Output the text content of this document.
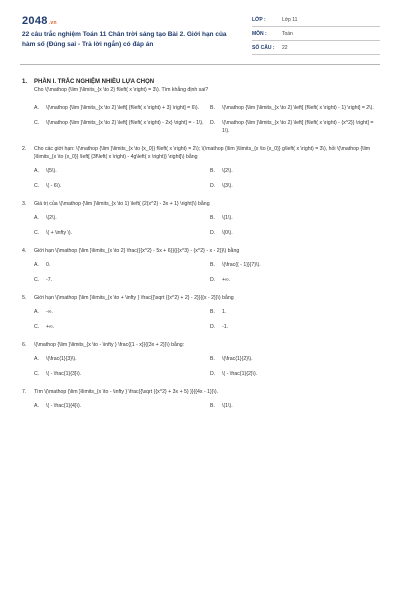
2048.vn
22 câu trắc nghiệm Toán 11 Chân trời sáng tạo Bài 2. Giới hạn của hàm số (Đúng sai - Trả lời ngắn) có đáp án
LỚP :	Lớp 11
MÔN :	Toán
SỐ CÂU :	22
1. PHẦN I. TRẮC NGHIỆM NHIỀU LỰA CHỌN
Cho \(\mathop {\lim }\limits_{x \to 2} f\left( x \right) = 3\). Tìm khẳng định sai?
A.	\(\mathop {\lim }\limits_{x \to 2} \left[ {f\left( x \right) + 3} \right] = 6\).	B.	\(\mathop {\lim }\limits_{x \to 2} \left[ {f\left( x \right) - 1} \right] = 2\).
C.	\(\mathop {\lim }\limits_{x \to 2} \left[ {f\left( x \right) - 2x} \right] = - 1\).	D.	\(\mathop {\lim }\limits_{x \to 2} \left[ {f\left( x \right) - {x^2}} \right] = 1\).
2.	Cho các giới hạn: \(\mathop {\lim }\limits_{x \to {x_0}} f\left( x \right) = 2\); \(\mathop {\lim }\limits_{x \to {x_0}} g\left( x \right) = 3\), hỏi \(\mathop {\lim }\limits_{x \to {x_0}} \left[ {3f\left( x \right) - 4g\left( x \right)} \right]\) bằng
A.	\(5\).	B.	\(2\).
C.	\( - 6\).	D.	\(3\).
3.	Giá trị của \(\mathop {\lim }\limits_{x \to 1} \left( {2{x^2} - 3x + 1} \right)\) bằng
A.	\(2\).	B.	\(1\).
C.	\( + \infty \).	D.	\(0\).
4.	Giới hạn \(\mathop {\lim }\limits_{x \to 2} \frac{{{x^2} - 5x + 6}}{{{x^3} - {x^2} - x - 2}}\) bằng
A.	0.	B.	\(\frac{{ - 1}}{7}\).
C.	-7.	D.	+∞.
5.	Giới hạn \(\mathop {\lim }\limits_{x \to + \infty } \frac{{\sqrt {{x^2} + 2} - 2}}{{x - 2}}\) bằng
A.	-∞.	B.	1.
C.	+∞.	D.	-1.
6.	\(\mathop {\lim }\limits_{x \to - \infty } \frac{{1 - x}}{{3x + 2}}\) bằng:
A.	\(\frac{1}{3}\).	B.	\(\frac{1}{2}\).
C.	\( - \frac{1}{3}\).	D.	\( - \frac{1}{2}\).
7.	Tìm \(\mathop {\lim }\limits_{x \to - \infty } \frac{{\sqrt {{x^2} + 3x + 5} }}{{4x - 1}}\).
A.	\( - \frac{1}{4}\).	B.	\(1\).
